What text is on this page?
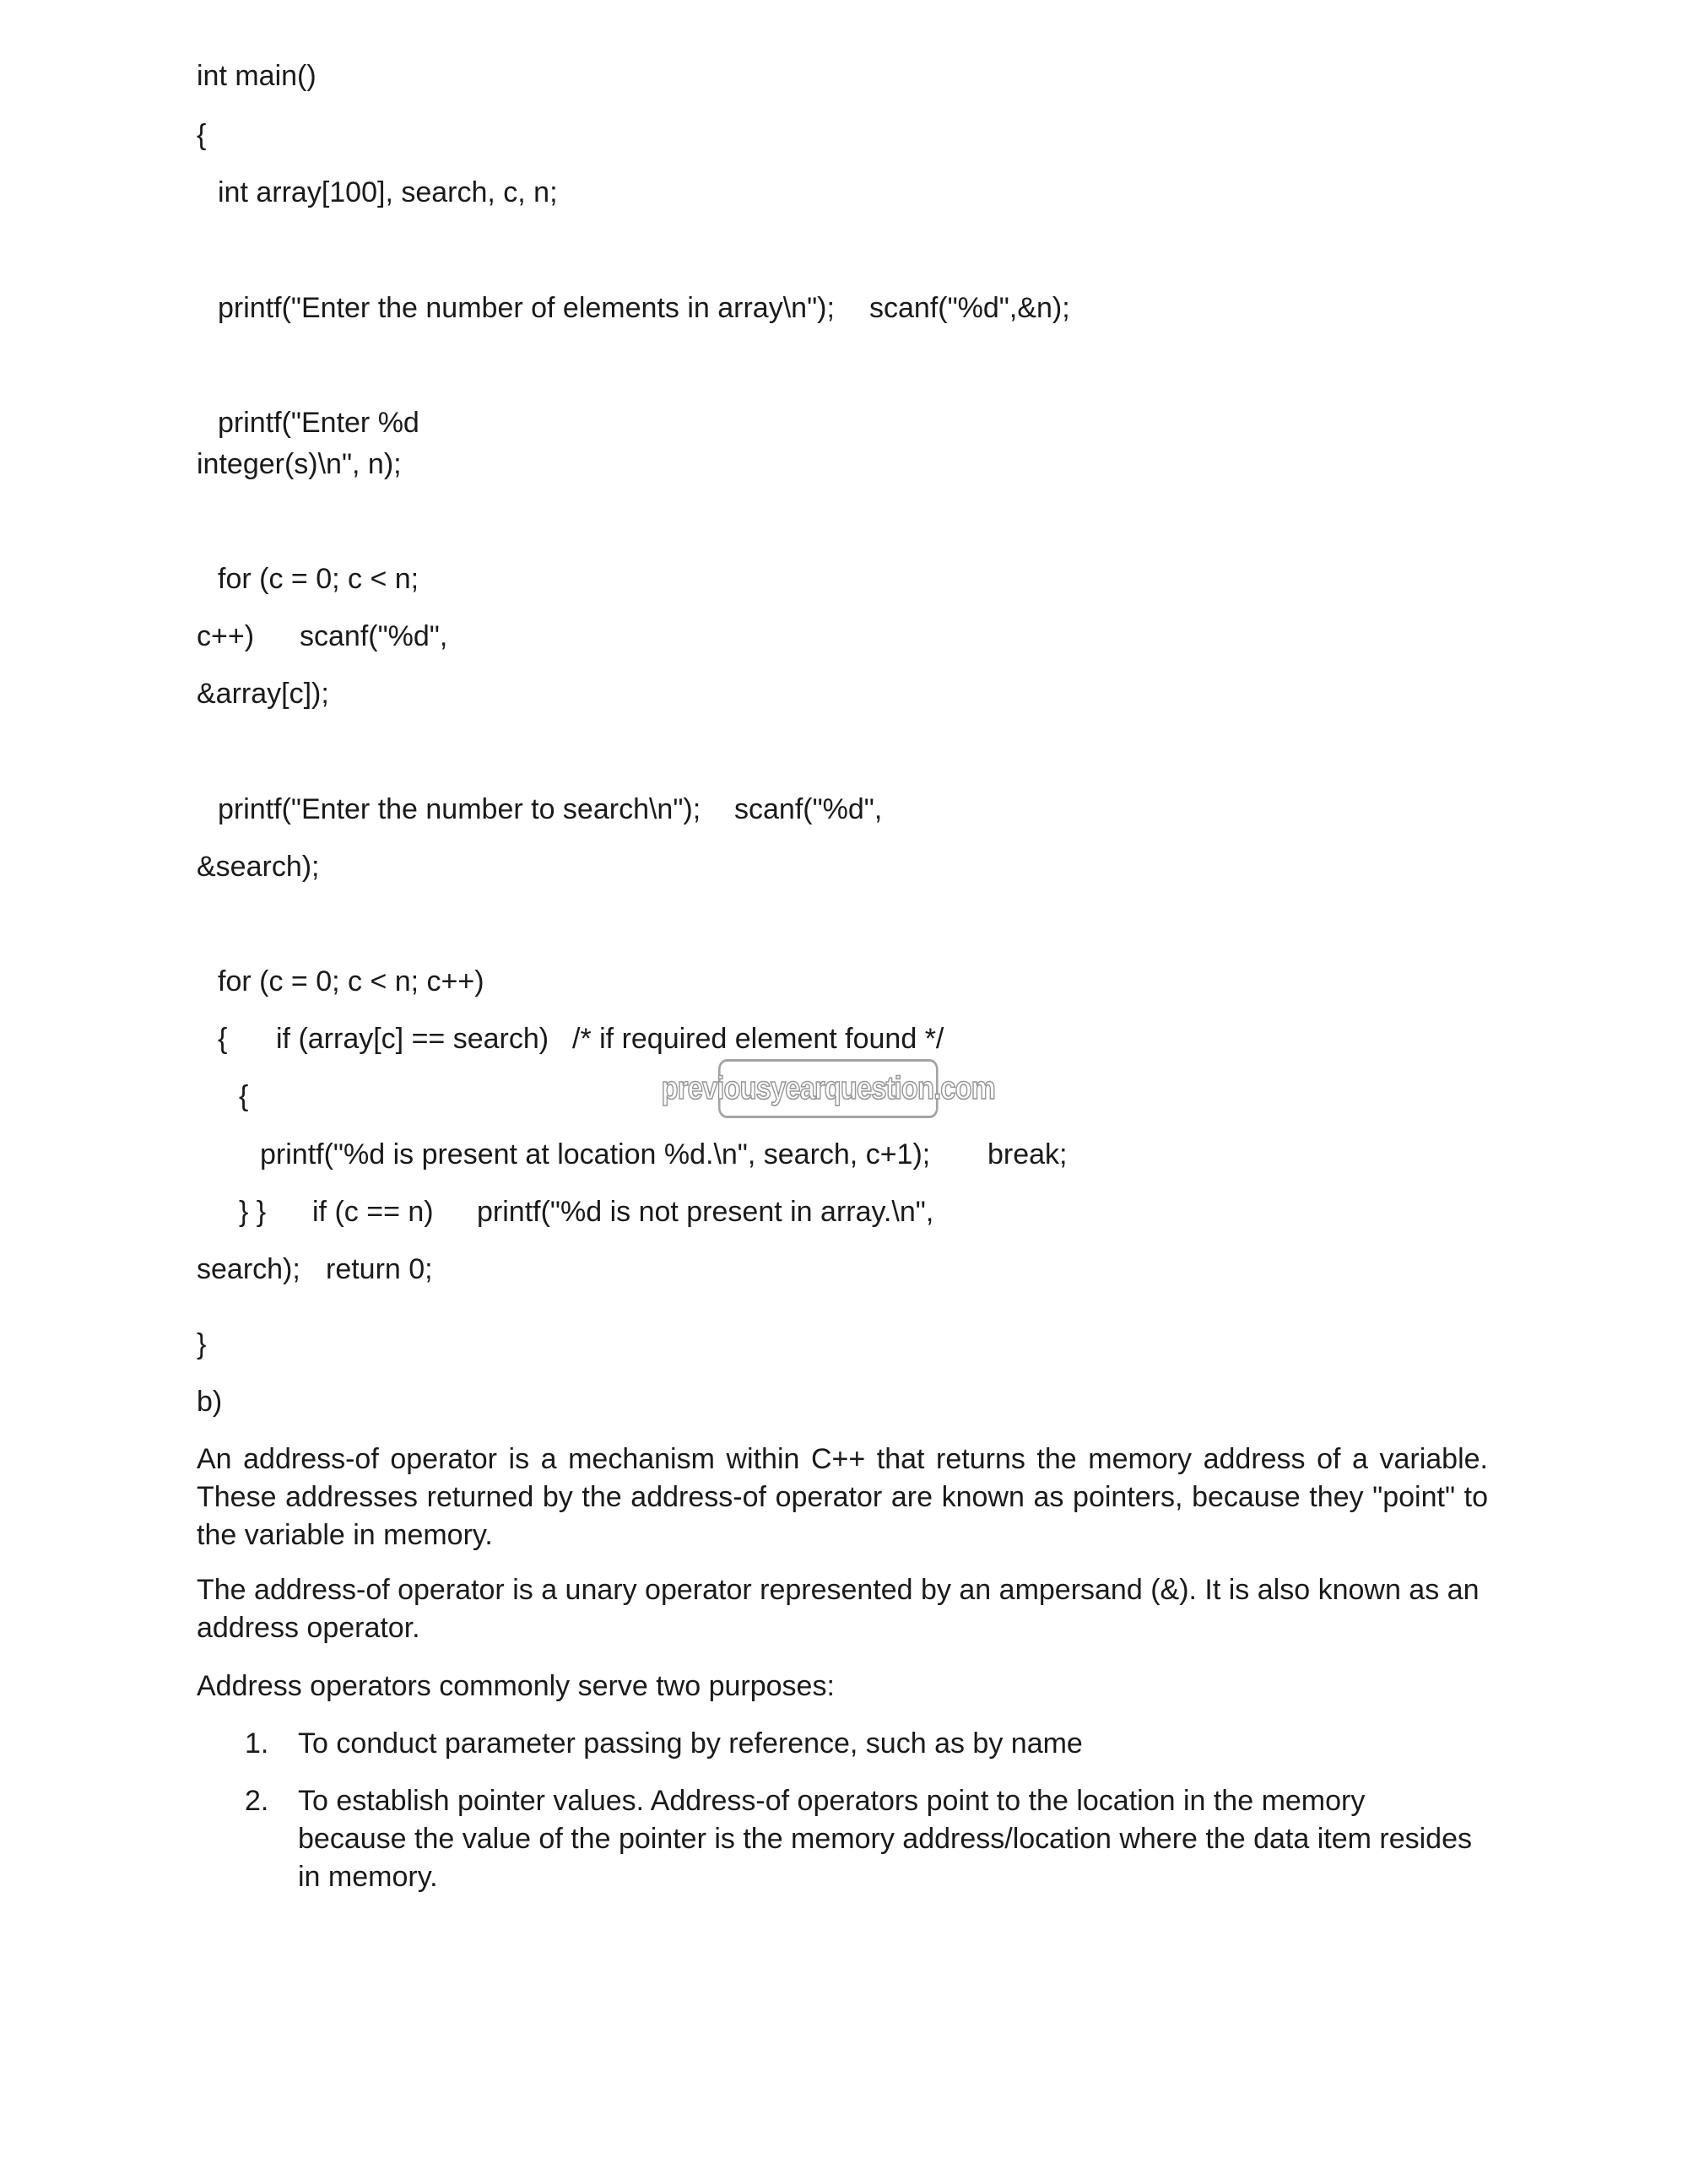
int main()
{
int array[100], search, c, n;
printf("Enter the number of elements in array\n"); scanf("%d",&n);
printf("Enter %d
integer(s)\n", n);
for (c = 0; c < n;
c++) scanf("%d",
&array[c]);
printf("Enter the number to search\n"); scanf("%d",
&search);
for (c = 0; c < n; c++)
{ if (array[c] == search) /* if required element found */
{	previousyearquestion.com
printf("%d is present at location %d.\n", search, c+1); break;
} } if (c == n) printf("%d is not present in array.\n",
search); return 0;
}
b)

An address-of operator is a mechanism within C++ that returns the memory address of a variable. These addresses returned by the address-of operator are known as pointers, because they "point" to the variable in memory.

The address-of operator is a unary operator represented by an ampersand (&). It is also known as an address operator.

Address operators commonly serve two purposes:

1. To conduct parameter passing by reference, such as by name
2. To establish pointer values. Address-of operators point to the location in the memory because the value of the pointer is the memory address/location where the data item resides in memory.
